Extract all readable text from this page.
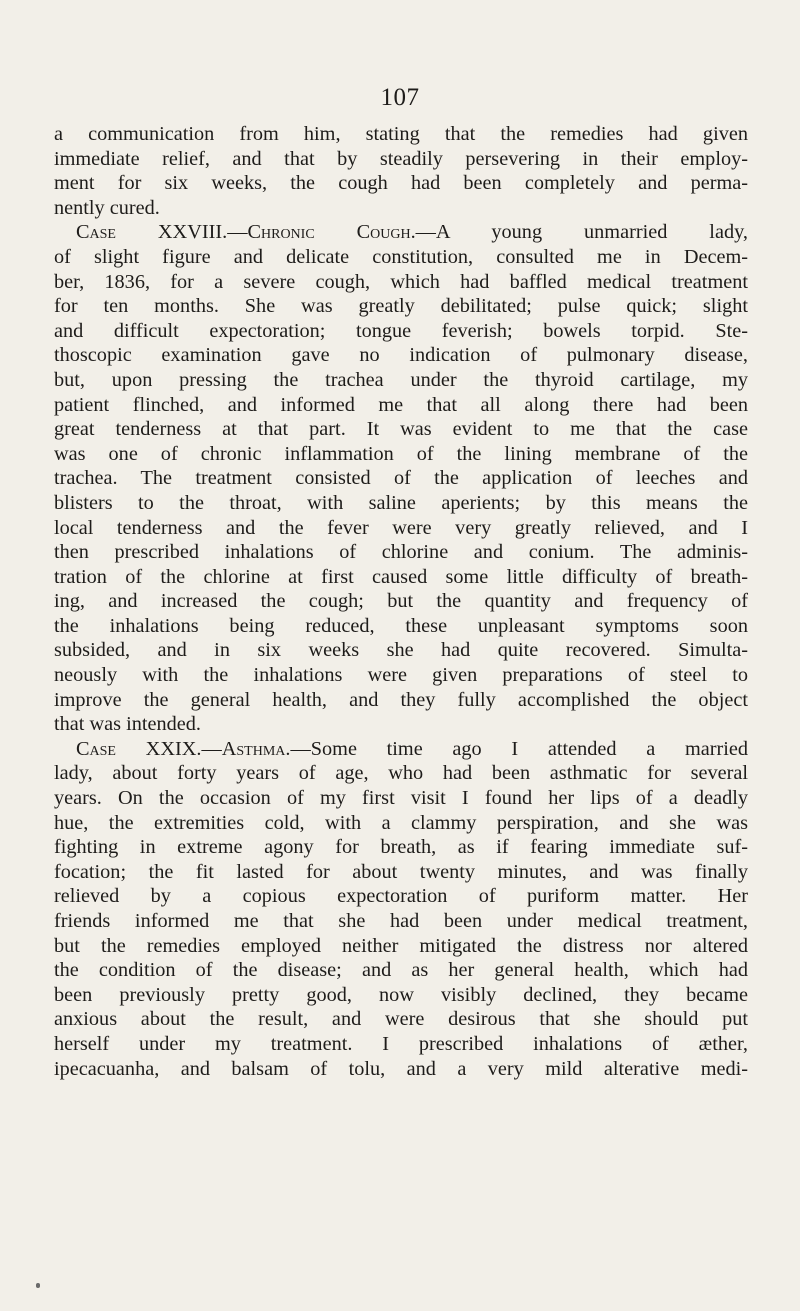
107
a communication from him, stating that the remedies had given
immediate relief, and that by steadily persevering in their employ-
ment for six weeks, the cough had been completely and perma-
nently cured.
Case XXVIII.—Chronic Cough.—A young unmarried lady,
of slight figure and delicate constitution, consulted me in Decem-
ber, 1836, for a severe cough, which had baffled medical treatment
for ten months. She was greatly debilitated; pulse quick; slight
and difficult expectoration; tongue feverish; bowels torpid. Ste-
thoscopic examination gave no indication of pulmonary disease,
but, upon pressing the trachea under the thyroid cartilage, my
patient flinched, and informed me that all along there had been
great tenderness at that part. It was evident to me that the case
was one of chronic inflammation of the lining membrane of the
trachea. The treatment consisted of the application of leeches and
blisters to the throat, with saline aperients; by this means the
local tenderness and the fever were very greatly relieved, and I
then prescribed inhalations of chlorine and conium. The adminis-
tration of the chlorine at first caused some little difficulty of breath-
ing, and increased the cough; but the quantity and frequency of
the inhalations being reduced, these unpleasant symptoms soon
subsided, and in six weeks she had quite recovered. Simulta-
neously with the inhalations were given preparations of steel to
improve the general health, and they fully accomplished the object
that was intended.
Case XXIX.—Asthma.—Some time ago I attended a married
lady, about forty years of age, who had been asthmatic for several
years. On the occasion of my first visit I found her lips of a deadly
hue, the extremities cold, with a clammy perspiration, and she was
fighting in extreme agony for breath, as if fearing immediate suf-
focation; the fit lasted for about twenty minutes, and was finally
relieved by a copious expectoration of puriform matter. Her
friends informed me that she had been under medical treatment,
but the remedies employed neither mitigated the distress nor altered
the condition of the disease; and as her general health, which had
been previously pretty good, now visibly declined, they became
anxious about the result, and were desirous that she should put
herself under my treatment. I prescribed inhalations of æther,
ipecacuanha, and balsam of tolu, and a very mild alterative medi-
